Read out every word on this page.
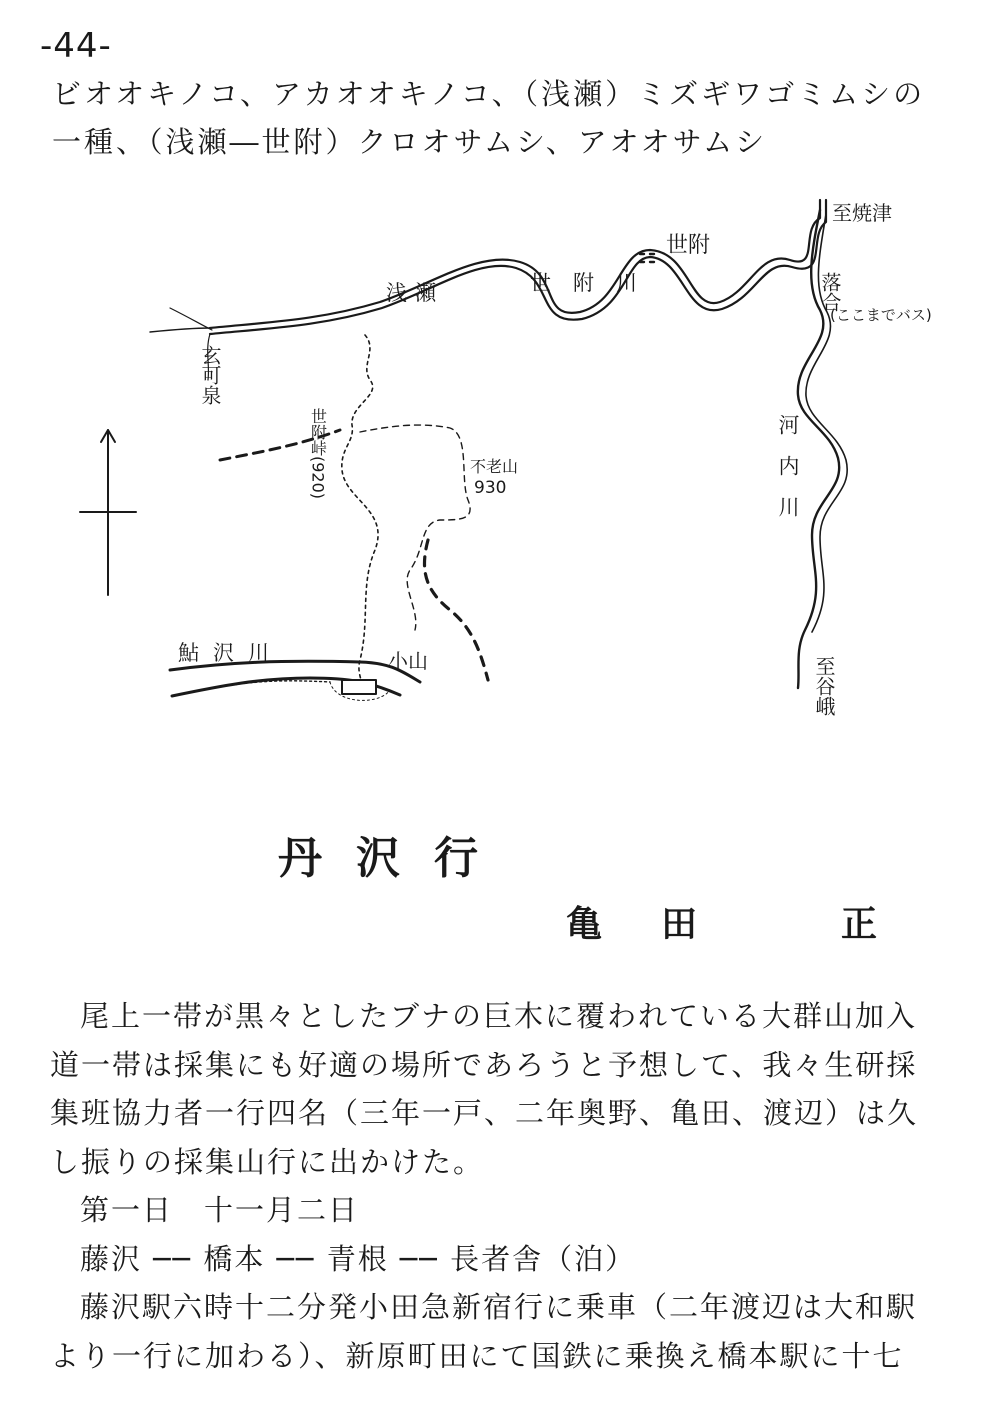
-44-
ビオオキノコ、アカオオキノコ、（浅瀬）ミズギワゴミムシの
一種、（浅瀬―世附）クロオサムシ、アオオサムシ
至焼津
落合
(ここまでバス)
浅瀬	世附川
世附
玄可泉
世附峠(920)	不老山
930	河内川
鮎沢川	小山	至谷峨
丹沢行
亀 田	正
尾上一帯が黒々としたブナの巨木に覆われている大群山加入
道一帯は採集にも好適の場所であろうと予想して、我々生研採
集班協力者一行四名（三年一戸、二年奥野、亀田、渡辺）は久
し振りの採集山行に出かけた。
第一日　十一月二日
藤沢 ── 橋本 ── 青根 ── 長者舎（泊）
藤沢駅六時十二分発小田急新宿行に乗車（二年渡辺は大和駅
より一行に加わる）、新原町田にて国鉄に乗換え橋本駅に十七
